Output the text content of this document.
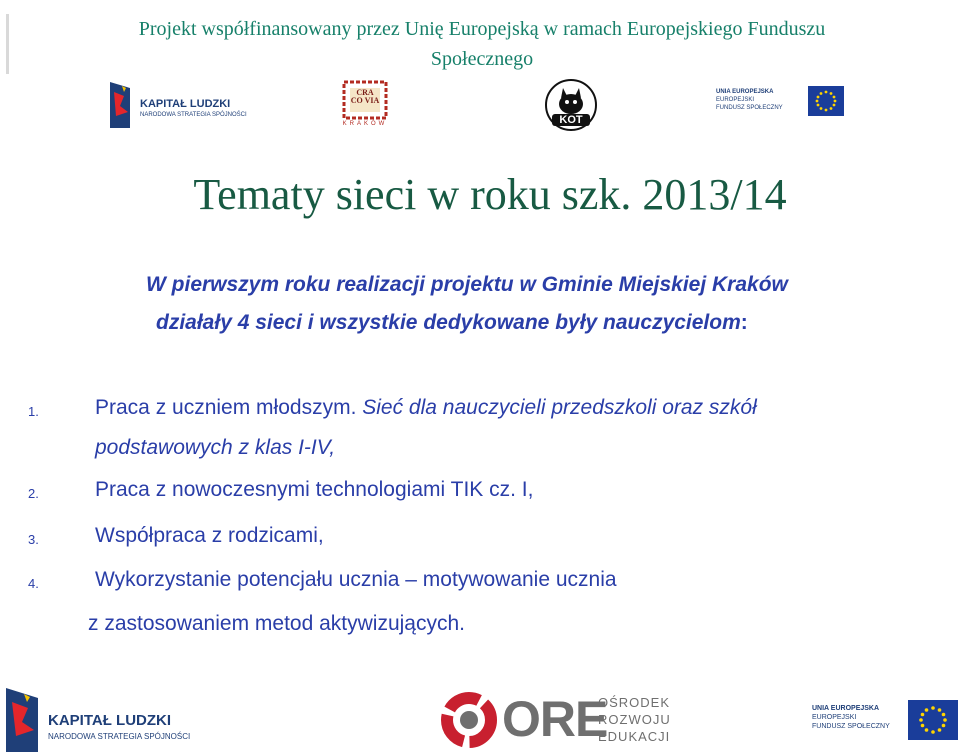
Projekt współfinansowany przez Unię Europejską w ramach Europejskiego Funduszu
Społecznego
KAPITAŁ LUDZKI
NARODOWA STRATEGIA SPÓJNOŚCI
CRA CO VIA
KRAKÓW	KOT
UNIA EUROPEJSKA
EUROPEJSKI
FUNDUSZ SPOŁECZNY
Tematy sieci w roku szk. 2013/14

W pierwszym roku realizacji projektu w Gminie Miejskiej Kraków

działały 4 sieci i wszystkie dedykowane były nauczycielom:

1.	Praca z uczniem młodszym. Sieć dla nauczycieli przedszkoli oraz szkół
podstawowych z klas I-IV,
2.	Praca z nowoczesnymi technologiami TIK cz. I,
3.	Współpraca z rodzicami,
4.	Wykorzystanie potencjału ucznia – motywowanie ucznia
z zastosowaniem metod aktywizujących.
KAPITAŁ LUDZKI
NARODOWA STRATEGIA SPÓJNOŚCI	ORE
OŚRODEK
ROZWOJU
EDUKACJI
UNIA EUROPEJSKA
EUROPEJSKI
FUNDUSZ SPOŁECZNY
